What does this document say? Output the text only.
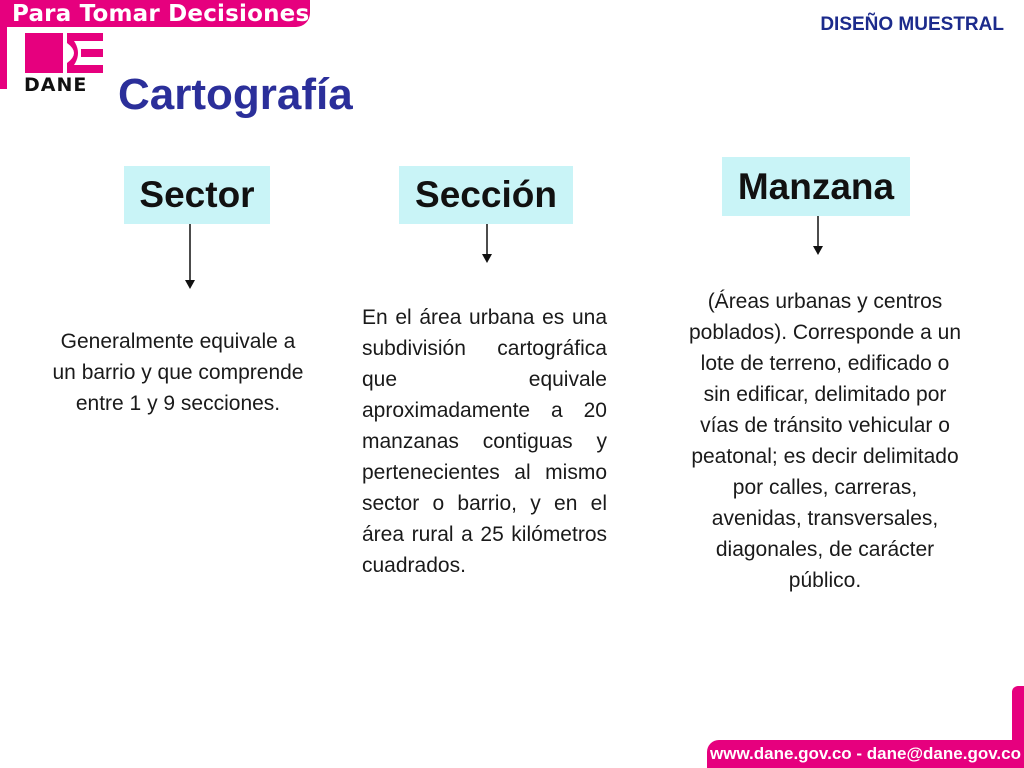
Para Tomar Decisiones	DISEÑO MUESTRAL
DANE Cartografía
Sector
Generalmente equivale a un barrio y que comprende entre 1 y 9 secciones.
Sección
En el área urbana es una subdivisión cartográfica que equivale aproximadamente a 20 manzanas contiguas y pertenecientes al mismo sector o barrio, y en el área rural a 25 kilómetros cuadrados.
Manzana
(Áreas urbanas y centros poblados). Corresponde a un lote de terreno, edificado o sin edificar, delimitado por vías de tránsito vehicular o peatonal; es decir delimitado por calles, carreras, avenidas, transversales, diagonales, de carácter público.
www.dane.gov.co - dane@dane.gov.co
